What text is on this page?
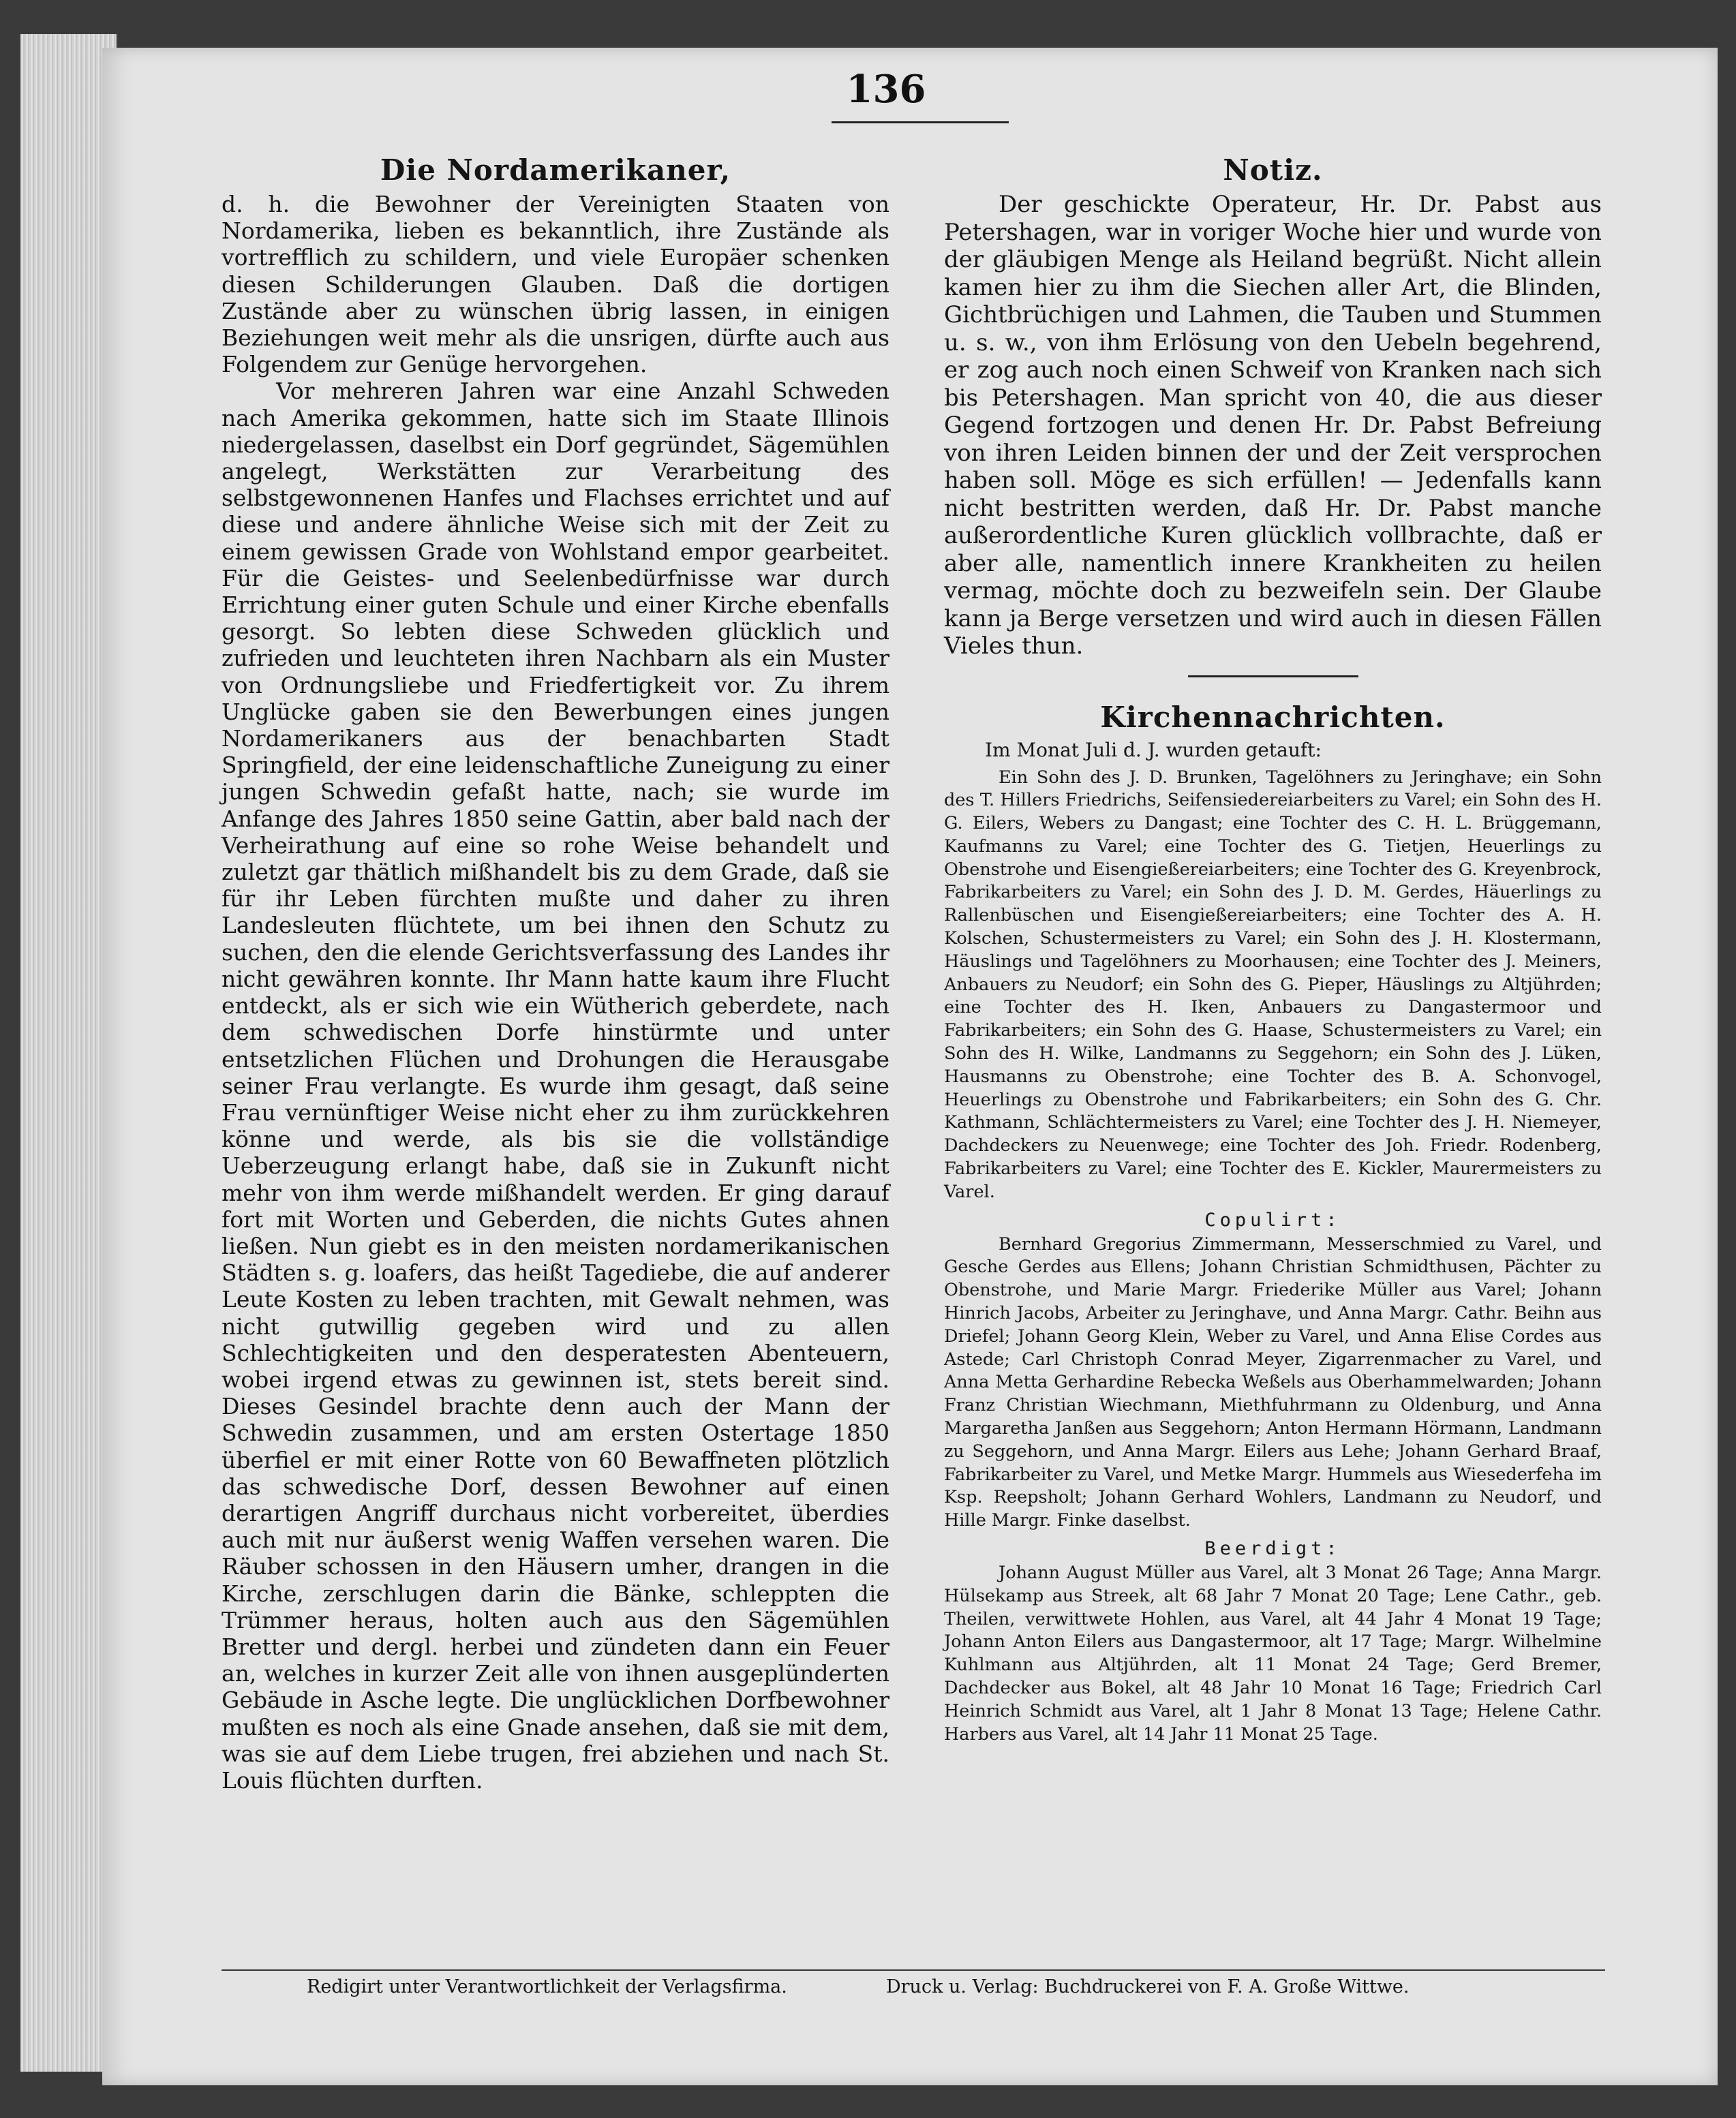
136
Die Nordamerikaner,

d. h. die Bewohner der Vereinigten Staaten von Nordamerika, lieben es bekanntlich, ihre Zustände als vortrefflich zu schildern, und viele Europäer schenken diesen Schilderungen Glauben. Daß die dortigen Zustände aber zu wünschen übrig lassen, in einigen Beziehungen weit mehr als die unsrigen, dürfte auch aus Folgendem zur Genüge hervorgehen.

Vor mehreren Jahren war eine Anzahl Schweden nach Amerika gekommen, hatte sich im Staate Illinois niedergelassen, daselbst ein Dorf gegründet, Sägemühlen angelegt, Werkstätten zur Verarbeitung des selbstgewonnenen Hanfes und Flachses errichtet und auf diese und andere ähnliche Weise sich mit der Zeit zu einem gewissen Grade von Wohlstand empor gearbeitet. Für die Geistes- und Seelenbedürfnisse war durch Errichtung einer guten Schule und einer Kirche ebenfalls gesorgt. So lebten diese Schweden glücklich und zufrieden und leuchteten ihren Nachbarn als ein Muster von Ordnungsliebe und Friedfertigkeit vor. Zu ihrem Unglücke gaben sie den Bewerbungen eines jungen Nordamerikaners aus der benachbarten Stadt Springfield, der eine leidenschaftliche Zuneigung zu einer jungen Schwedin gefaßt hatte, nach; sie wurde im Anfange des Jahres 1850 seine Gattin, aber bald nach der Verheirathung auf eine so rohe Weise behandelt und zuletzt gar thätlich mißhandelt bis zu dem Grade, daß sie für ihr Leben fürchten mußte und daher zu ihren Landesleuten flüchtete, um bei ihnen den Schutz zu suchen, den die elende Gerichtsverfassung des Landes ihr nicht gewähren konnte. Ihr Mann hatte kaum ihre Flucht entdeckt, als er sich wie ein Wütherich geberdete, nach dem schwedischen Dorfe hinstürmte und unter entsetzlichen Flüchen und Drohungen die Herausgabe seiner Frau verlangte. Es wurde ihm gesagt, daß seine Frau vernünftiger Weise nicht eher zu ihm zurückkehren könne und werde, als bis sie die vollständige Ueberzeugung erlangt habe, daß sie in Zukunft nicht mehr von ihm werde mißhandelt werden. Er ging darauf fort mit Worten und Geberden, die nichts Gutes ahnen ließen. Nun giebt es in den meisten nordamerikanischen Städten s. g. loafers, das heißt Tagediebe, die auf anderer Leute Kosten zu leben trachten, mit Gewalt nehmen, was nicht gutwillig gegeben wird und zu allen Schlechtigkeiten und den desperatesten Abenteuern, wobei irgend etwas zu gewinnen ist, stets bereit sind. Dieses Gesindel brachte denn auch der Mann der Schwedin zusammen, und am ersten Ostertage 1850 überfiel er mit einer Rotte von 60 Bewaffneten plötzlich das schwedische Dorf, dessen Bewohner auf einen derartigen Angriff durchaus nicht vorbereitet, überdies auch mit nur äußerst wenig Waffen versehen waren. Die Räuber schossen in den Häusern umher, drangen in die Kirche, zerschlugen darin die Bänke, schleppten die Trümmer heraus, holten auch aus den Sägemühlen Bretter und dergl. herbei und zündeten dann ein Feuer an, welches in kurzer Zeit alle von ihnen ausgeplünderten Gebäude in Asche legte. Die unglücklichen Dorfbewohner mußten es noch als eine Gnade ansehen, daß sie mit dem, was sie auf dem Liebe trugen, frei abziehen und nach St. Louis flüchten durften.

Notiz.

Der geschickte Operateur, Hr. Dr. Pabst aus Petershagen, war in voriger Woche hier und wurde von der gläubigen Menge als Heiland begrüßt. Nicht allein kamen hier zu ihm die Siechen aller Art, die Blinden, Gichtbrüchigen und Lahmen, die Tauben und Stummen u. s. w., von ihm Erlösung von den Uebeln begehrend, er zog auch noch einen Schweif von Kranken nach sich bis Petershagen. Man spricht von 40, die aus dieser Gegend fortzogen und denen Hr. Dr. Pabst Befreiung von ihren Leiden binnen der und der Zeit versprochen haben soll. Möge es sich erfüllen! — Jedenfalls kann nicht bestritten werden, daß Hr. Dr. Pabst manche außerordentliche Kuren glücklich vollbrachte, daß er aber alle, namentlich innere Krankheiten zu heilen vermag, möchte doch zu bezweifeln sein. Der Glaube kann ja Berge versetzen und wird auch in diesen Fällen Vieles thun.

Kirchennachrichten.

Im Monat Juli d. J. wurden getauft:

Ein Sohn des J. D. Brunken, Tagelöhners zu Jeringhave; ein Sohn des T. Hillers Friedrichs, Seifensiedereiarbeiters zu Varel; ein Sohn des H. G. Eilers, Webers zu Dangast; eine Tochter des C. H. L. Brüggemann, Kaufmanns zu Varel; eine Tochter des G. Tietjen, Heuerlings zu Obenstrohe und Eisengießereiarbeiters; eine Tochter des G. Kreyenbrock, Fabrikarbeiters zu Varel; ein Sohn des J. D. M. Gerdes, Häuerlings zu Rallenbüschen und Eisengießereiarbeiters; eine Tochter des A. H. Kolschen, Schustermeisters zu Varel; ein Sohn des J. H. Klostermann, Häuslings und Tagelöhners zu Moorhausen; eine Tochter des J. Meiners, Anbauers zu Neudorf; ein Sohn des G. Pieper, Häuslings zu Altjührden; eine Tochter des H. Iken, Anbauers zu Dangastermoor und Fabrikarbeiters; ein Sohn des G. Haase, Schustermeisters zu Varel; ein Sohn des H. Wilke, Landmanns zu Seggehorn; ein Sohn des J. Lüken, Hausmanns zu Obenstrohe; eine Tochter des B. A. Schonvogel, Heuerlings zu Obenstrohe und Fabrikarbeiters; ein Sohn des G. Chr. Kathmann, Schlächtermeisters zu Varel; eine Tochter des J. H. Niemeyer, Dachdeckers zu Neuenwege; eine Tochter des Joh. Friedr. Rodenberg, Fabrikarbeiters zu Varel; eine Tochter des E. Kickler, Maurermeisters zu Varel.

Copulirt:

Bernhard Gregorius Zimmermann, Messerschmied zu Varel, und Gesche Gerdes aus Ellens; Johann Christian Schmidthusen, Pächter zu Obenstrohe, und Marie Margr. Friederike Müller aus Varel; Johann Hinrich Jacobs, Arbeiter zu Jeringhave, und Anna Margr. Cathr. Beihn aus Driefel; Johann Georg Klein, Weber zu Varel, und Anna Elise Cordes aus Astede; Carl Christoph Conrad Meyer, Zigarrenmacher zu Varel, und Anna Metta Gerhardine Rebecka Weßels aus Oberhammelwarden; Johann Franz Christian Wiechmann, Miethfuhrmann zu Oldenburg, und Anna Margaretha Janßen aus Seggehorn; Anton Hermann Hörmann, Landmann zu Seggehorn, und Anna Margr. Eilers aus Lehe; Johann Gerhard Braaf, Fabrikarbeiter zu Varel, und Metke Margr. Hummels aus Wiesederfeha im Ksp. Reepsholt; Johann Gerhard Wohlers, Landmann zu Neudorf, und Hille Margr. Finke daselbst.

Beerdigt:

Johann August Müller aus Varel, alt 3 Monat 26 Tage; Anna Margr. Hülsekamp aus Streek, alt 68 Jahr 7 Monat 20 Tage; Lene Cathr., geb. Theilen, verwittwete Hohlen, aus Varel, alt 44 Jahr 4 Monat 19 Tage; Johann Anton Eilers aus Dangastermoor, alt 17 Tage; Margr. Wilhelmine Kuhlmann aus Altjührden, alt 11 Monat 24 Tage; Gerd Bremer, Dachdecker aus Bokel, alt 48 Jahr 10 Monat 16 Tage; Friedrich Carl Heinrich Schmidt aus Varel, alt 1 Jahr 8 Monat 13 Tage; Helene Cathr. Harbers aus Varel, alt 14 Jahr 11 Monat 25 Tage.

Redigirt unter Verantwortlichkeit der Verlagsfirma.	Druck u. Verlag: Buchdruckerei von F. A. Große Wittwe.
